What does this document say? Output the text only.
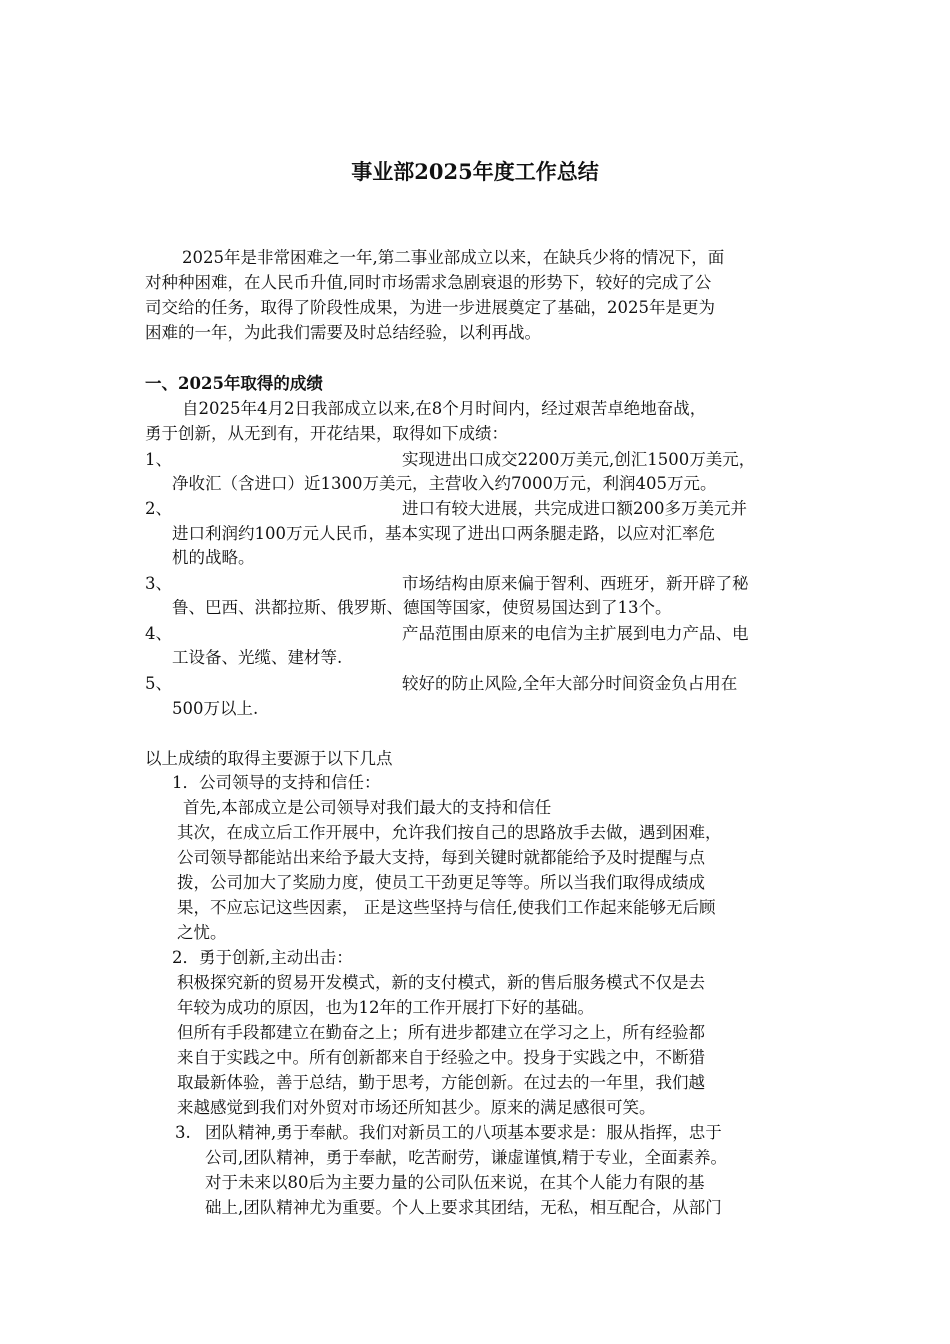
事业部2025年度工作总结
2025年是非常困难之一年,第二事业部成立以来，在缺兵少将的情况下，面
对种种困难，在人民币升值,同时市场需求急剧衰退的形势下，较好的完成了公
司交给的任务，取得了阶段性成果，为进一步进展奠定了基础，2025年是更为
困难的一年，为此我们需要及时总结经验，以利再战。
一、2025年取得的成绩
自2025年4月2日我部成立以来,在8个月时间内，经过艰苦卓绝地奋战，
勇于创新，从无到有，开花结果，取得如下成绩：
1、	实现进出口成交2200万美元,创汇1500万美元，
净收汇（含进口）近1300万美元，主营收入约7000万元，利润405万元。
2、	进口有较大进展，共完成进口额200多万美元并
进口利润约100万元人民币，基本实现了进出口两条腿走路，以应对汇率危
机的战略。
3、	市场结构由原来偏于智利、西班牙，新开辟了秘
鲁、巴西、洪都拉斯、俄罗斯、德国等国家，使贸易国达到了13个。
4、	产品范围由原来的电信为主扩展到电力产品、电
工设备、光缆、建材等.
5、	较好的防止风险,全年大部分时间资金负占用在
500万以上.
以上成绩的取得主要源于以下几点
1．公司领导的支持和信任：
首先,本部成立是公司领导对我们最大的支持和信任
其次，在成立后工作开展中，允许我们按自己的思路放手去做，遇到困难，
公司领导都能站出来给予最大支持，每到关键时就都能给予及时提醒与点
拨，公司加大了奖励力度，使员工干劲更足等等。所以当我们取得成绩成
果，不应忘记这些因素， 正是这些坚持与信任,使我们工作起来能够无后顾
之忧。
2．勇于创新,主动出击：
积极探究新的贸易开发模式，新的支付模式，新的售后服务模式不仅是去
年较为成功的原因，也为12年的工作开展打下好的基础。
但所有手段都建立在勤奋之上；所有进步都建立在学习之上，所有经验都
来自于实践之中。所有创新都来自于经验之中。投身于实践之中，不断猎
取最新体验，善于总结，勤于思考，方能创新。在过去的一年里，我们越
来越感觉到我们对外贸对市场还所知甚少。原来的满足感很可笑。
3. 团队精神,勇于奉献。我们对新员工的八项基本要求是：服从指挥，忠于
公司,团队精神，勇于奉献，吃苦耐劳，谦虚谨慎,精于专业，全面素养。
对于未来以80后为主要力量的公司队伍来说，在其个人能力有限的基
础上,团队精神尤为重要。个人上要求其团结，无私，相互配合，从部门
